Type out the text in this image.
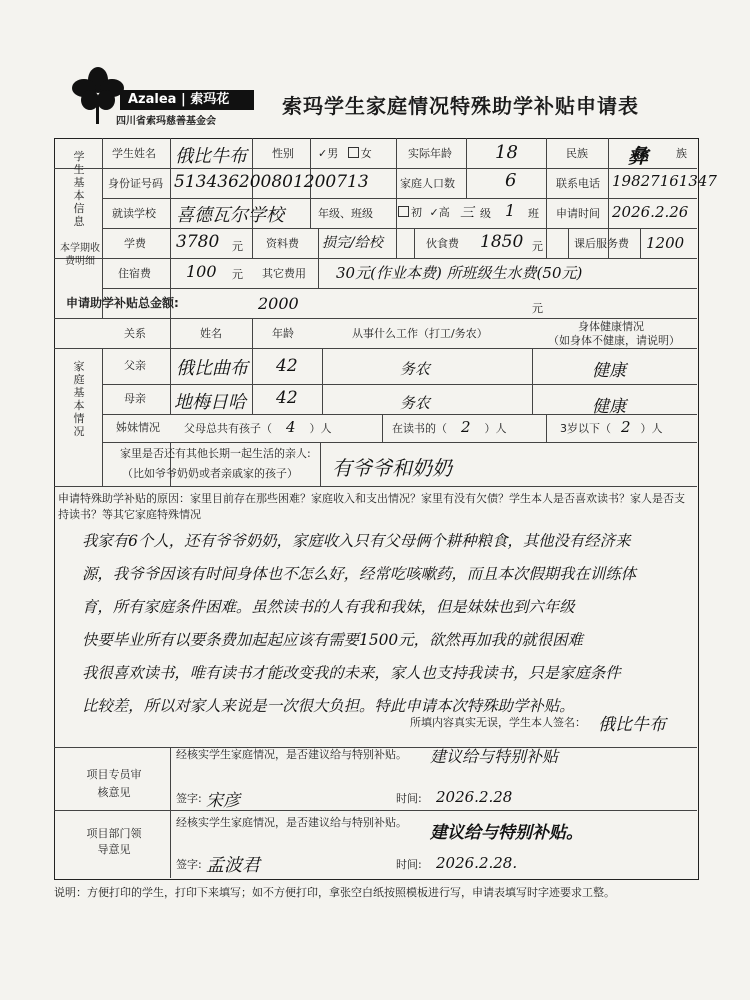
Azalea | 索玛花
四川省索玛慈善基金会
索玛学生家庭情况特殊助学补贴申请表
学生基本信息
学生姓名 俄比牛布 性别 ✓男 女	实际年龄 18	民族 彝	族
身份证号码 513436200801200713	家庭人口数	6	联系电话 19827161347
就读学校 喜德瓦尔学校	年级、班级	初 ✓高 三 级 1 班 申请时间 2026.2.26
本学期收费明细
学费 3780 元 资料费 损完/给校	伙食费 1850 元	课后服务费 1200
住宿费 100 元 其它费用 30元(作业本费) 所班级生水费(50元)
申请助学补贴总金额:	2000	元
家庭基本情况
关系	姓名	年龄	从事什么工作（打工/务农）
身体健康情况
（如身体不健康，请说明）
父亲 俄比曲布 42	务农	健康
母亲 地梅日哈 42	务农	健康
姊妹情况 父母总共有孩子（ 4 ）人	在读书的（ 2 ）人	3岁以下（ 2 ）人
家里是否还有其他长期一起生活的亲人:
（比如爷爷奶奶或者亲戚家的孩子） 有爷爷和奶奶
申请特殊助学补贴的原因：家里目前存在那些困难？家庭收入和支出情况？家里有没有欠债？学生本人是否喜欢读书？家人是否支持读书？等其它家庭特殊情况
我家有6个人，还有爷爷奶奶，家庭收入只有父母俩个耕种粮食，其他没有经济来
源，我爷爷因该有时间身体也不怎么好，经常吃咳嗽药，而且本次假期我在训练体
育，所有家庭条件困难。虽然读书的人有我和我妹，但是妹妹也到六年级
快要毕业所有以要条费加起起应该有需要1500元，欲然再加我的就很困难
我很喜欢读书，唯有读书才能改变我的未来，家人也支持我读书，只是家庭条件
比较差，所以对家人来说是一次很大负担。特此申请本次特殊助学补贴。
所填内容真实无误，学生本人签名： 俄比牛布
项目专员审核意见
经核实学生家庭情况，是否建议给与特别补贴。 建议给与特别补贴
签字: 宋彦	时间: 2026.2.28
项目部门领导意见
经核实学生家庭情况，是否建议给与特别补贴。
建议给与特别补贴。
签字: 孟波君	时间: 2026.2.28.
说明：方便打印的学生，打印下来填写；如不方便打印，拿张空白纸按照模板进行写，申请表填写时字迹要求工整。
